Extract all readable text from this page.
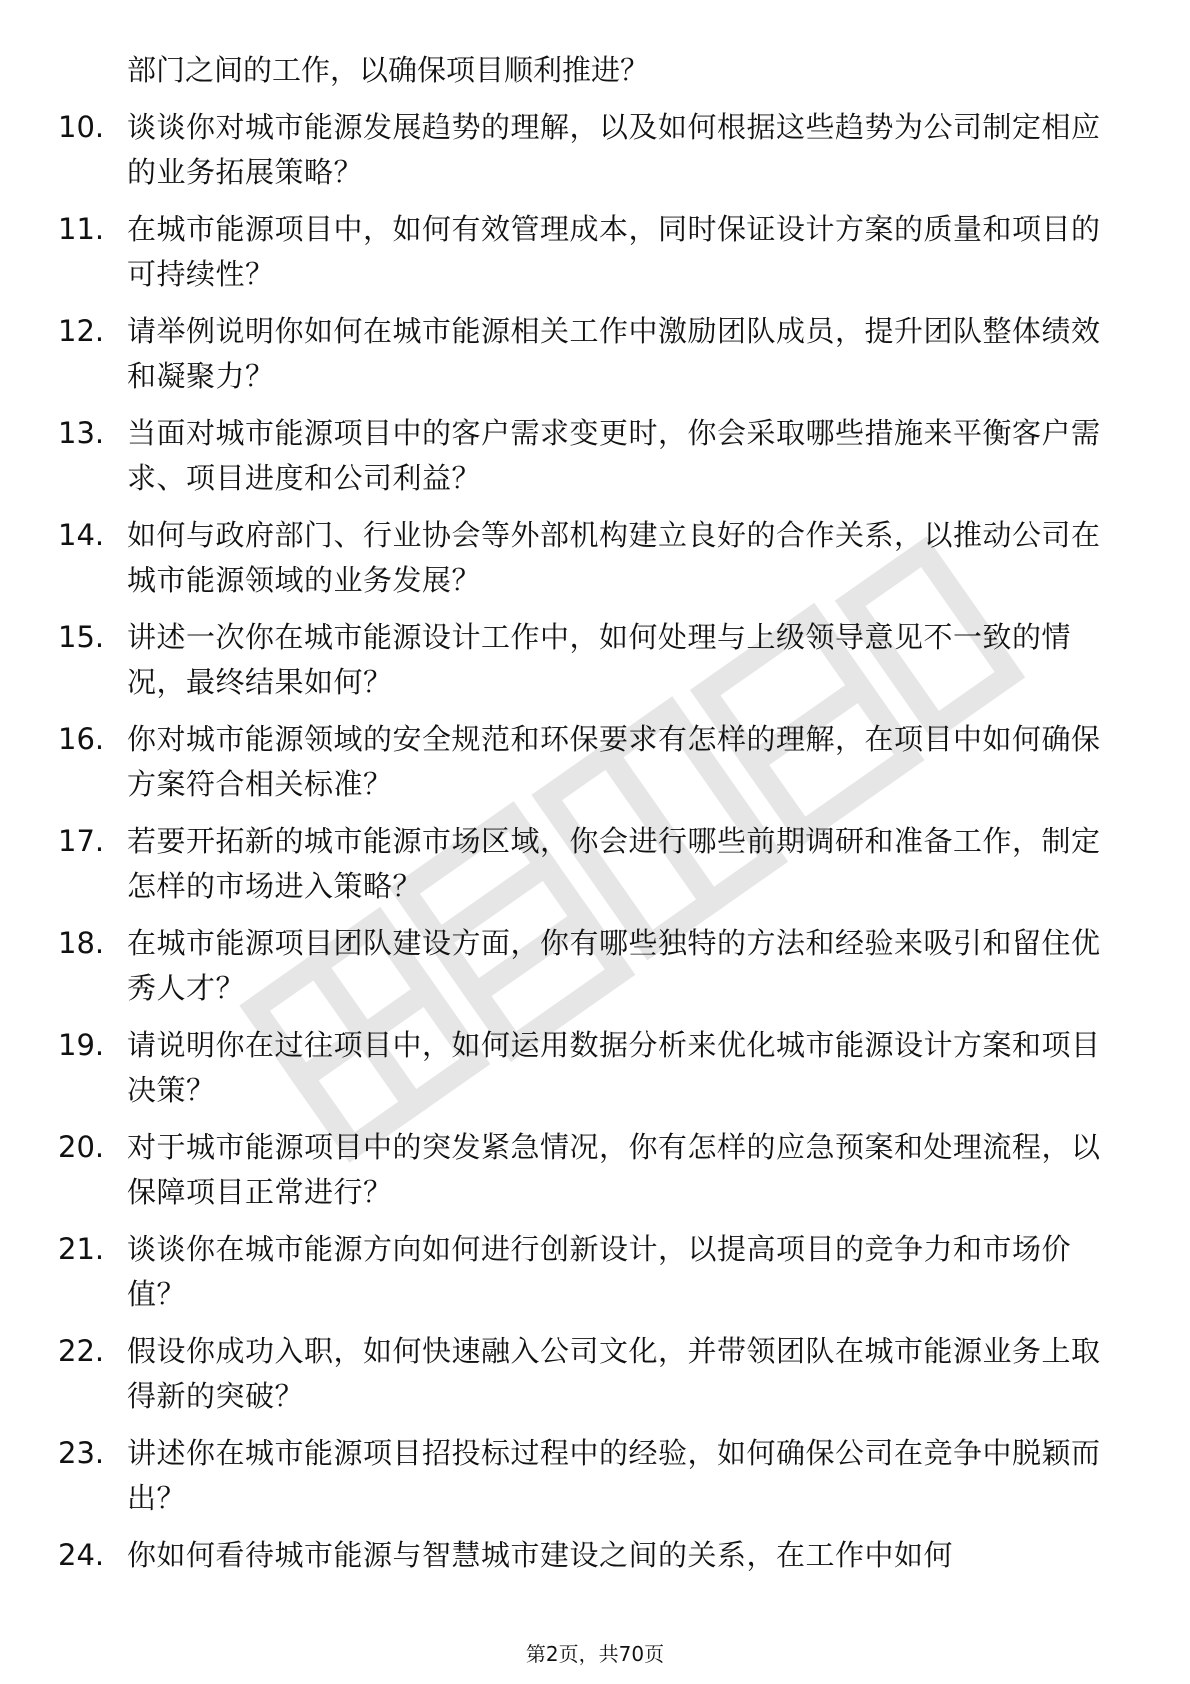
部门之间的工作，以确保项目顺利推进？
10. 谈谈你对城市能源发展趋势的理解，以及如何根据这些趋势为公司制定相应的业务拓展策略？
11. 在城市能源项目中，如何有效管理成本，同时保证设计方案的质量和项目的可持续性？
12. 请举例说明你如何在城市能源相关工作中激励团队成员，提升团队整体绩效和凝聚力？
13. 当面对城市能源项目中的客户需求变更时，你会采取哪些措施来平衡客户需求、项目进度和公司利益？
14. 如何与政府部门、行业协会等外部机构建立良好的合作关系，以推动公司在城市能源领域的业务发展？
15. 讲述一次你在城市能源设计工作中，如何处理与上级领导意见不一致的情况，最终结果如何？
16. 你对城市能源领域的安全规范和环保要求有怎样的理解，在项目中如何确保方案符合相关标准？
17. 若要开拓新的城市能源市场区域，你会进行哪些前期调研和准备工作，制定怎样的市场进入策略？
18. 在城市能源项目团队建设方面，你有哪些独特的方法和经验来吸引和留住优秀人才？
19. 请说明你在过往项目中，如何运用数据分析来优化城市能源设计方案和项目决策？
20. 对于城市能源项目中的突发紧急情况，你有怎样的应急预案和处理流程，以保障项目正常进行？
21. 谈谈你在城市能源方向如何进行创新设计，以提高项目的竞争力和市场价值？
22. 假设你成功入职，如何快速融入公司文化，并带领团队在城市能源业务上取得新的突破？
23. 讲述你在城市能源项目招投标过程中的经验，如何确保公司在竞争中脱颖而出？
24. 你如何看待城市能源与智慧城市建设之间的关系，在工作中如何
第2页，共70页
